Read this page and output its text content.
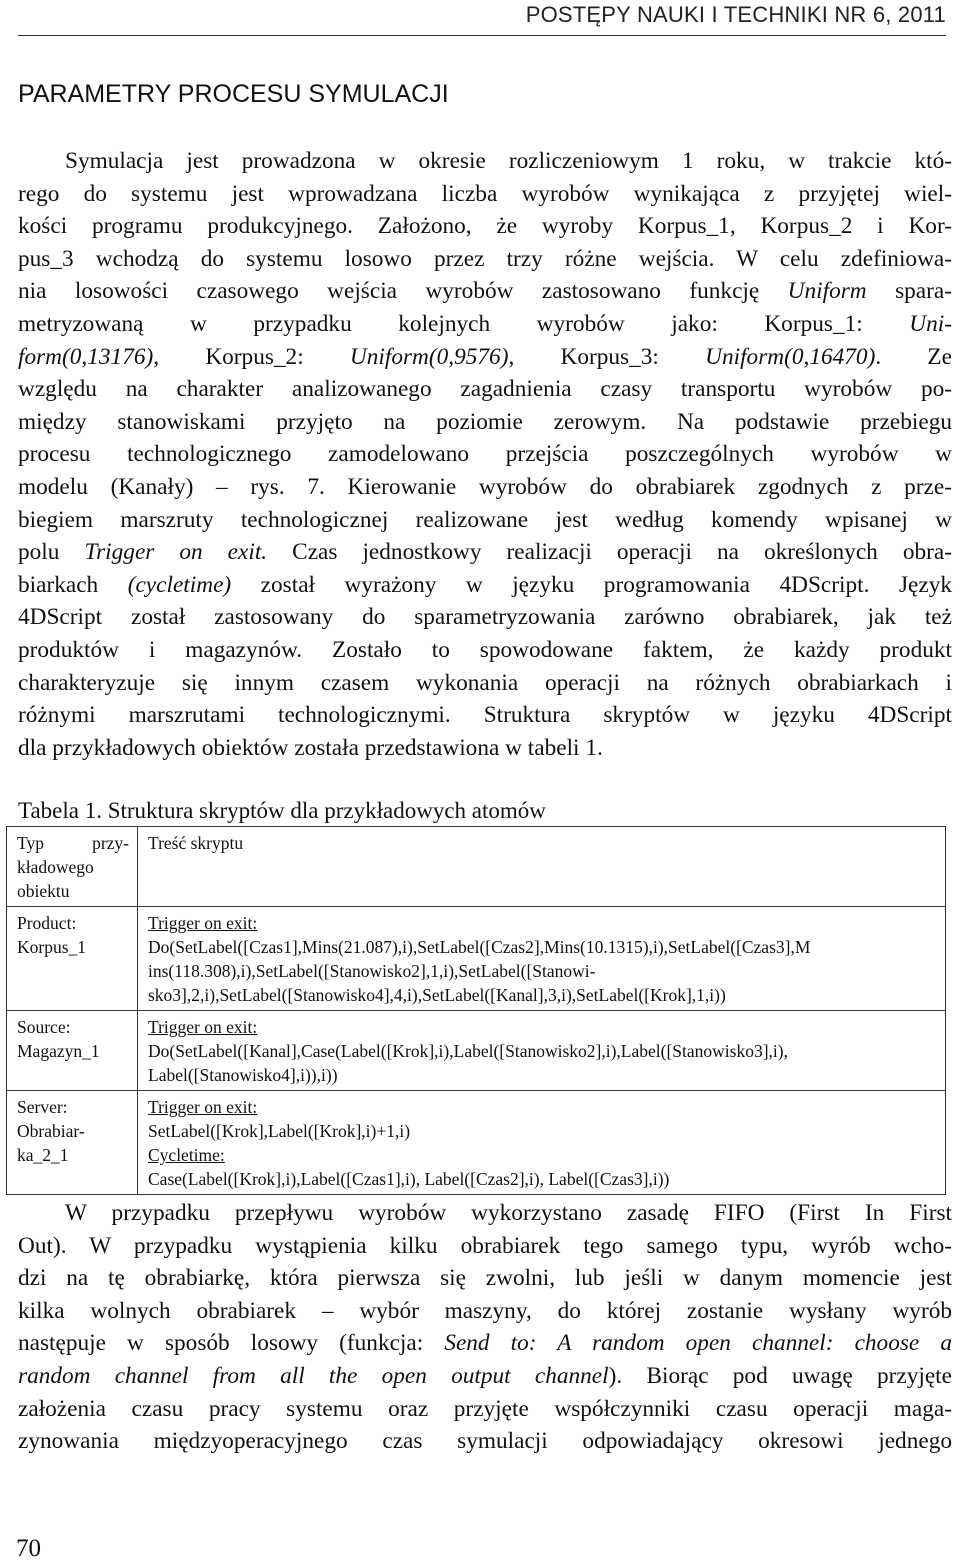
POSTĘPY NAUKI I TECHNIKI NR 6, 2011
PARAMETRY PROCESU SYMULACJI
Symulacja jest prowadzona w okresie rozliczeniowym 1 roku, w trakcie któ-
rego do systemu jest wprowadzana liczba wyrobów wynikająca z przyjętej wiel-
kości programu produkcyjnego. Założono, że wyroby Korpus_1, Korpus_2 i Kor-
pus_3 wchodzą do systemu losowo przez trzy różne wejścia. W celu zdefiniowa-
nia losowości czasowego wejścia wyrobów zastosowano funkcję Uniform spara-
metryzowaną w przypadku kolejnych wyrobów jako: Korpus_1: Uni-
form(0,13176), Korpus_2: Uniform(0,9576), Korpus_3: Uniform(0,16470). Ze
względu na charakter analizowanego zagadnienia czasy transportu wyrobów po-
między stanowiskami przyjęto na poziomie zerowym. Na podstawie przebiegu
procesu technologicznego zamodelowano przejścia poszczególnych wyrobów w
modelu (Kanały) – rys. 7. Kierowanie wyrobów do obrabiarek zgodnych z prze-
biegiem marszruty technologicznej realizowane jest według komendy wpisanej w
polu Trigger on exit. Czas jednostkowy realizacji operacji na określonych obra-
biarkach (cycletime) został wyrażony w języku programowania 4DScript. Język
4DScript został zastosowany do sparametryzowania zarówno obrabiarek, jak też
produktów i magazynów. Zostało to spowodowane faktem, że każdy produkt
charakteryzuje się innym czasem wykonania operacji na różnych obrabiarkach i
różnymi marszrutami technologicznymi. Struktura skryptów w języku 4DScript
dla przykładowych obiektów została przedstawiona w tabeli 1.
Tabela 1. Struktura skryptów dla przykładowych atomów
Typ przy-
kładowego
obiektu	Treść skryptu

Product:
Korpus_1	Trigger on exit:
Do(SetLabel([Czas1],Mins(21.087),i),SetLabel([Czas2],Mins(10.1315),i),SetLabel([Czas3],M
ins(118.308),i),SetLabel([Stanowisko2],1,i),SetLabel([Stanowi-
sko3],2,i),SetLabel([Stanowisko4],4,i),SetLabel([Kanal],3,i),SetLabel([Krok],1,i))

Source:
Magazyn_1	Trigger on exit:
Do(SetLabel([Kanal],Case(Label([Krok],i),Label([Stanowisko2],i),Label([Stanowisko3],i),
Label([Stanowisko4],i)),i))

Server:
Obrabiar-
ka_2_1	Trigger on exit:
SetLabel([Krok],Label([Krok],i)+1,i)
Cycletime:
Case(Label([Krok],i),Label([Czas1],i), Label([Czas2],i), Label([Czas3],i))
W przypadku przepływu wyrobów wykorzystano zasadę FIFO (First In First
Out). W przypadku wystąpienia kilku obrabiarek tego samego typu, wyrób wcho-
dzi na tę obrabiarkę, która pierwsza się zwolni, lub jeśli w danym momencie jest
kilka wolnych obrabiarek – wybór maszyny, do której zostanie wysłany wyrób
następuje w sposób losowy (funkcja: Send to: A random open channel: choose a
random channel from all the open output channel). Biorąc pod uwagę przyjęte
założenia czasu pracy systemu oraz przyjęte współczynniki czasu operacji maga-
zynowania międzyoperacyjnego czas symulacji odpowiadający okresowi jednego
70
